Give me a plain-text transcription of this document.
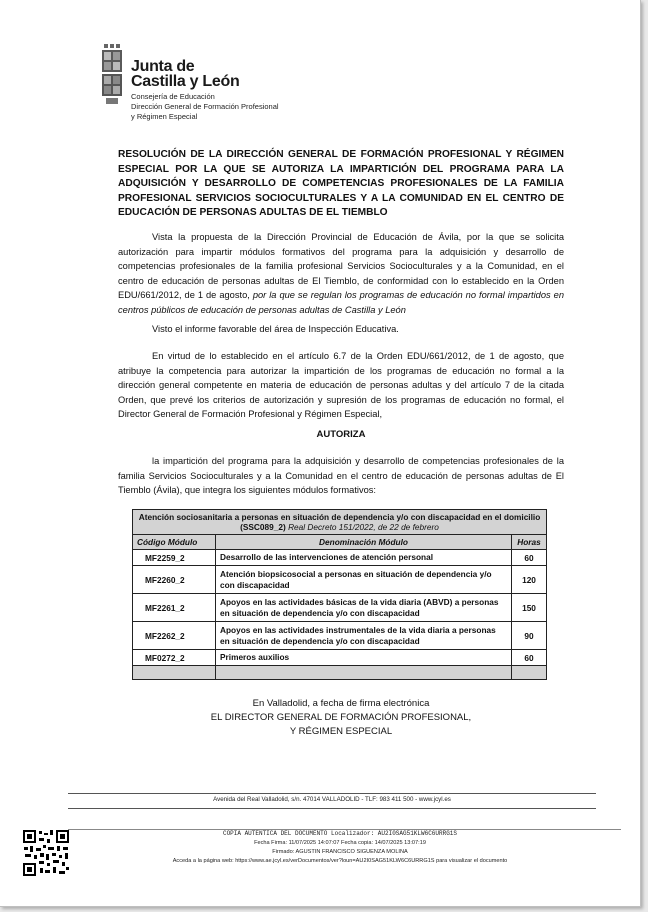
Junta de
Castilla y León
Consejería de Educación
Dirección General de Formación Profesional
y Régimen Especial
RESOLUCIÓN DE LA DIRECCIÓN GENERAL DE FORMACIÓN PROFESIONAL Y RÉGIMEN ESPECIAL POR LA QUE SE AUTORIZA LA IMPARTICIÓN DEL PROGRAMA PARA LA ADQUISICIÓN Y DESARROLLO DE COMPETENCIAS PROFESIONALES DE LA FAMILIA PROFESIONAL SERVICIOS SOCIOCULTURALES Y A LA COMUNIDAD EN EL CENTRO DE EDUCACIÓN DE PERSONAS ADULTAS DE EL TIEMBLO
Vista la propuesta de la Dirección Provincial de Educación de Ávila, por la que se solicita autorización para impartir módulos formativos del programa para la adquisición y desarrollo de competencias profesionales de la familia profesional Servicios Socioculturales y a la Comunidad, en el centro de educación de personas adultas de El Tiemblo, de conformidad con lo establecido en la Orden EDU/661/2012, de 1 de agosto, por la que se regulan los programas de educación no formal impartidos en centros públicos de educación de personas adultas de Castilla y León
Visto el informe favorable del área de Inspección Educativa.
En virtud de lo establecido en el artículo 6.7 de la Orden EDU/661/2012, de 1 de agosto, que atribuye la competencia para autorizar la impartición de los programas de educación no formal a la dirección general competente en materia de educación de personas adultas y del artículo 7 de la citada Orden, que prevé los criterios de autorización y supresión de los programas de educación no formal, el Director General de Formación Profesional y Régimen Especial,
AUTORIZA
la impartición del programa para la adquisición y desarrollo de competencias profesionales de la familia Servicios Socioculturales y a la Comunidad en el centro de educación de personas adultas de El Tiemblo (Ávila), que integra los siguientes módulos formativos:
Atención sociosanitaria a personas en situación de dependencia y/o con discapacidad en el domicilio (SSC089_2) Real Decreto 151/2022, de 22 de febrero		
Código Módulo	Denominación Módulo	Horas
MF2259_2	Desarrollo de las intervenciones de atención personal	60
MF2260_2	Atención biopsicosocial a personas en situación de dependencia y/o con discapacidad	120
MF2261_2	Apoyos en las actividades básicas de la vida diaria (ABVD) a personas en situación de dependencia y/o con discapacidad	150
MF2262_2	Apoyos en las actividades instrumentales de la vida diaria a personas en situación de dependencia y/o con discapacidad	90
MF0272_2	Primeros auxilios	60

En Valladolid, a fecha de firma electrónica
EL DIRECTOR GENERAL DE FORMACIÓN PROFESIONAL,
Y RÉGIMEN ESPECIAL
Avenida del Real Valladolid, s/n. 47014 VALLADOLID - TLF: 983 411 500 - www.jcyl.es
COPIA AUTENTICA DEL DOCUMENTO Localizador: AU2I0SAG51KLW6C6URRG1S
Fecha Firma: 11/07/2025 14:07:07 Fecha copia: 14/07/2025 13:07:19
Firmado: AGUSTIN FRANCISCO SIGUENZA MOLINA
Acceda a la página web: https://www.ae.jcyl.es/verDocumentos/ver?loun=AU2I0SAG51KLW6C6URRG1S para visualizar el documento
